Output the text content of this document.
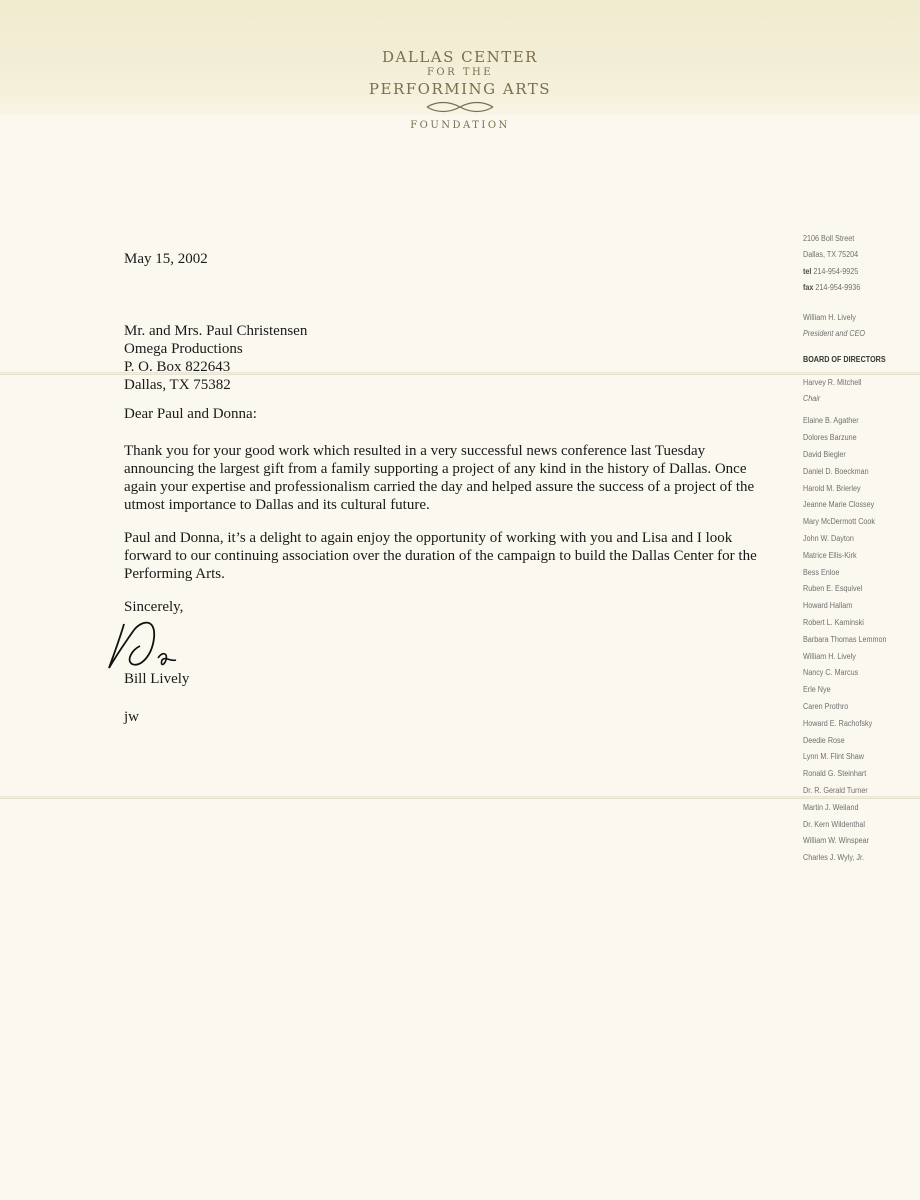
DALLAS CENTER
FOR THE
PERFORMING ARTS
FOUNDATION
May 15, 2002
Mr. and Mrs. Paul Christensen
Omega Productions
P. O. Box 822643
Dallas, TX 75382
Dear Paul and Donna:
Thank you for your good work which resulted in a very successful news conference last Tuesday announcing the largest gift from a family supporting a project of any kind in the history of Dallas. Once again your expertise and professionalism carried the day and helped assure the success of a project of the utmost importance to Dallas and its cultural future.
Paul and Donna, it’s a delight to again enjoy the opportunity of working with you and Lisa and I look forward to our continuing association over the duration of the campaign to build the Dallas Center for the Performing Arts.
Sincerely,
Bill Lively
jw
2106 Boll Street
Dallas, TX 75204
tel 214-954-9925
fax 214-954-9936
William H. Lively
President and CEO
BOARD OF DIRECTORS
Harvey R. Mitchell
Chair
Elaine B. Agather
Dolores Barzune
David Biegler
Daniel D. Boeckman
Harold M. Brierley
Jeanne Marie Clossey
Mary McDermott Cook
John W. Dayton
Matrice Ellis-Kirk
Bess Enloe
Ruben E. Esquivel
Howard Hallam
Robert L. Kaminski
Barbara Thomas Lemmon
William H. Lively
Nancy C. Marcus
Erle Nye
Caren Prothro
Howard E. Rachofsky
Deedie Rose
Lynn M. Flint Shaw
Ronald G. Steinhart
Dr. R. Gerald Turner
Martin J. Weiland
Dr. Kern Wildenthal
William W. Winspear
Charles J. Wyly, Jr.
